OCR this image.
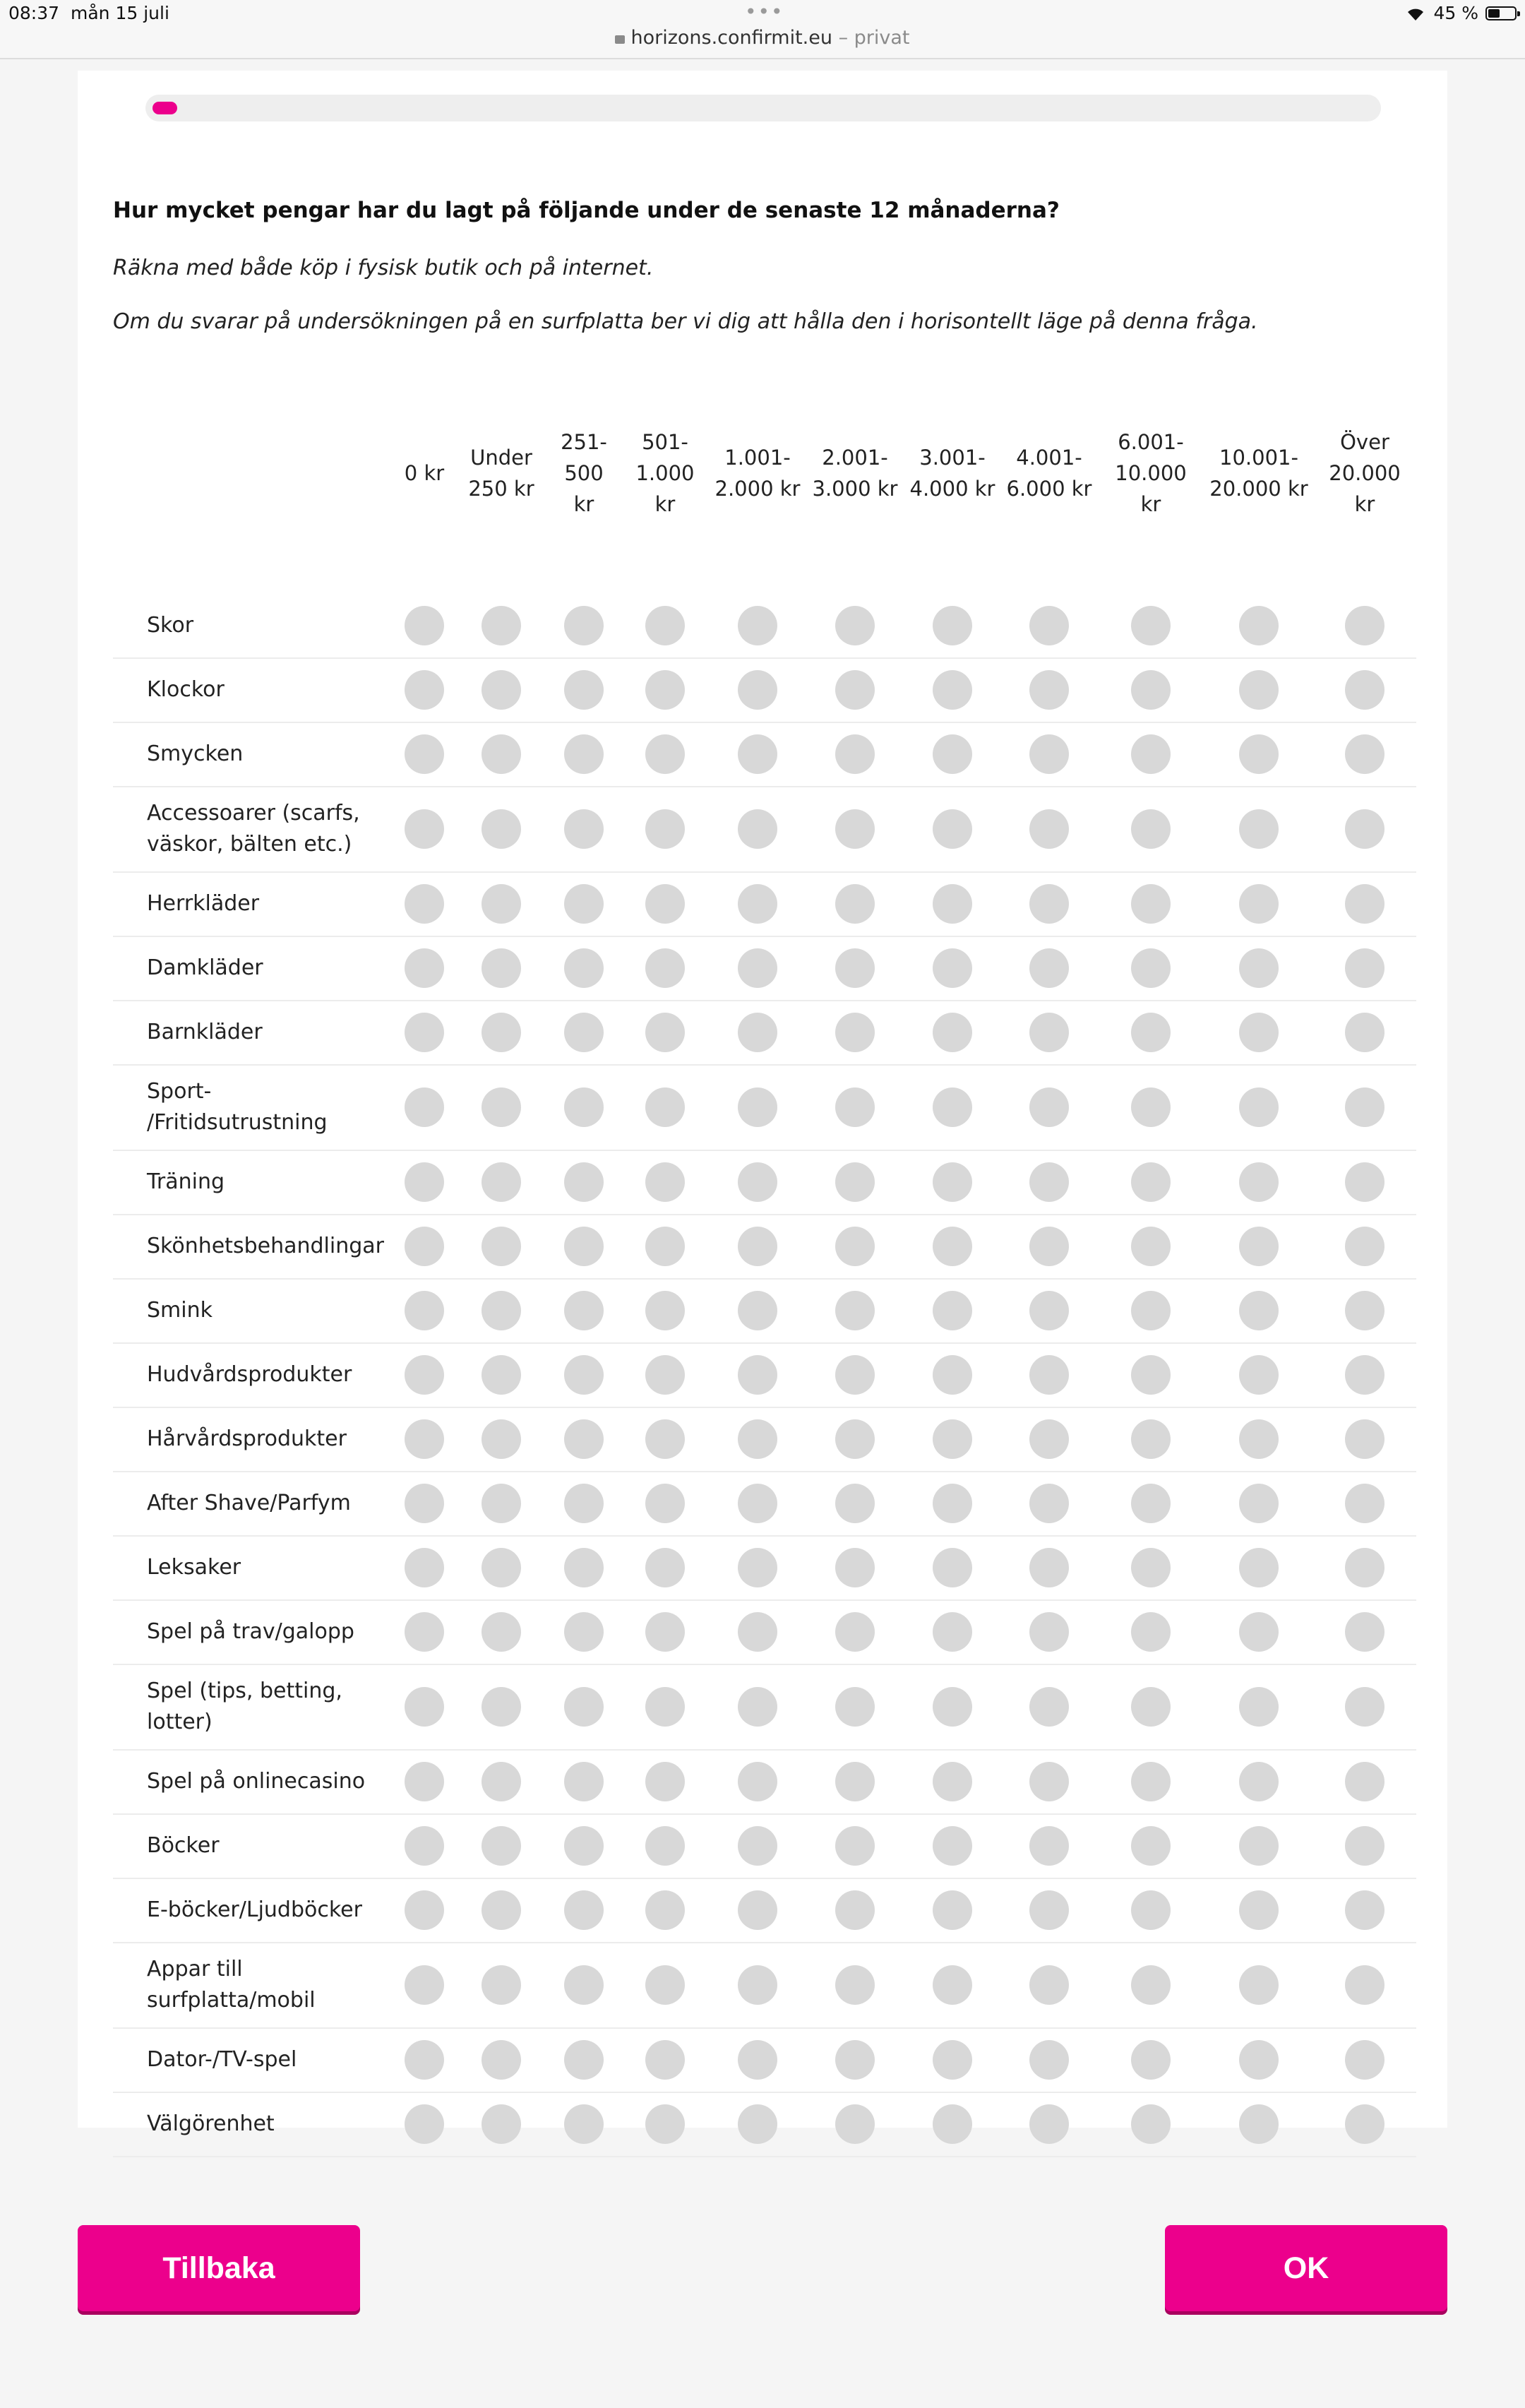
08:37 mån 15 juli	•••
horizons.confirmit.eu – privat
45 %
Hur mycket pengar har du lagt på följande under de senaste 12 månaderna?
Räkna med både köp i fysisk butik och på internet.
Om du svarar på undersökningen på en surfplatta ber vi dig att hålla den i horisontellt läge på denna fråga.
0 kr
Under
250 kr
251-
500
kr
501-
1.000
kr
1.001-
2.000 kr
2.001-
3.000 kr
3.001-
4.000 kr
4.001-
6.000 kr
6.001-
10.000
kr
10.001-
20.000 kr
Över
20.000
kr
Skor
Klockor
Smycken
Accessoarer (scarfs,
väskor, bälten etc.)
Herrkläder
Damkläder
Barnkläder
Sport-
/Fritidsutrustning
Träning
Skönhetsbehandlingar
Smink
Hudvårdsprodukter
Hårvårdsprodukter
After Shave/Parfym
Leksaker
Spel på trav/galopp
Spel (tips, betting,
lotter)
Spel på onlinecasino
Böcker
E-böcker/Ljudböcker
Appar till
surfplatta/mobil
Dator-/TV-spel
Välgörenhet
Tillbaka	OK
